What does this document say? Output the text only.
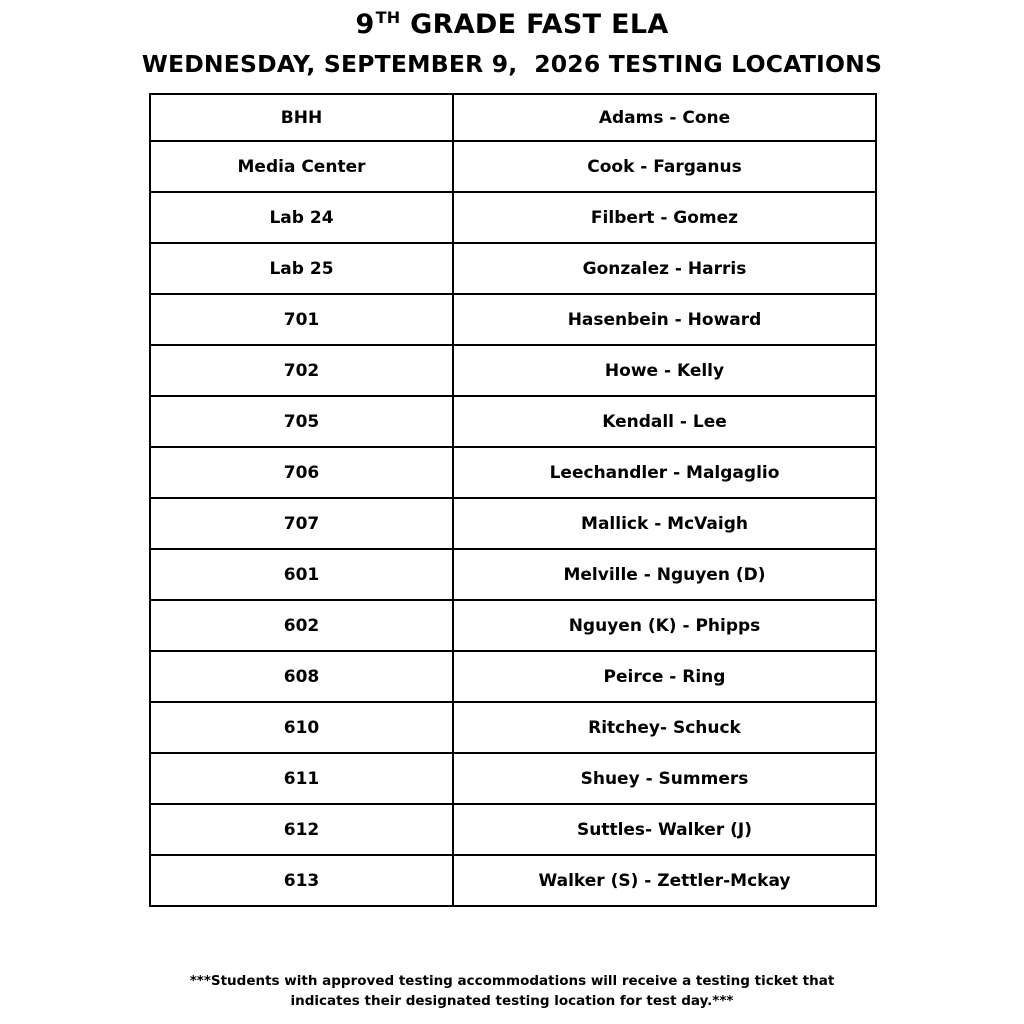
9TH GRADE FAST ELA
WEDNESDAY, SEPTEMBER 9,  2026 TESTING LOCATIONS
BHH	Adams - Cone
Media Center	Cook - Farganus
Lab 24	Filbert - Gomez
Lab 25	Gonzalez - Harris
701	Hasenbein - Howard
702	Howe - Kelly
705	Kendall - Lee
706	Leechandler - Malgaglio
707	Mallick - McVaigh
601	Melville - Nguyen (D)
602	Nguyen (K) - Phipps
608	Peirce - Ring
610	Ritchey- Schuck
611	Shuey - Summers
612	Suttles- Walker (J)
613	Walker (S) - Zettler-Mckay
***Students with approved testing accommodations will receive a testing ticket that
indicates their designated testing location for test day.***
